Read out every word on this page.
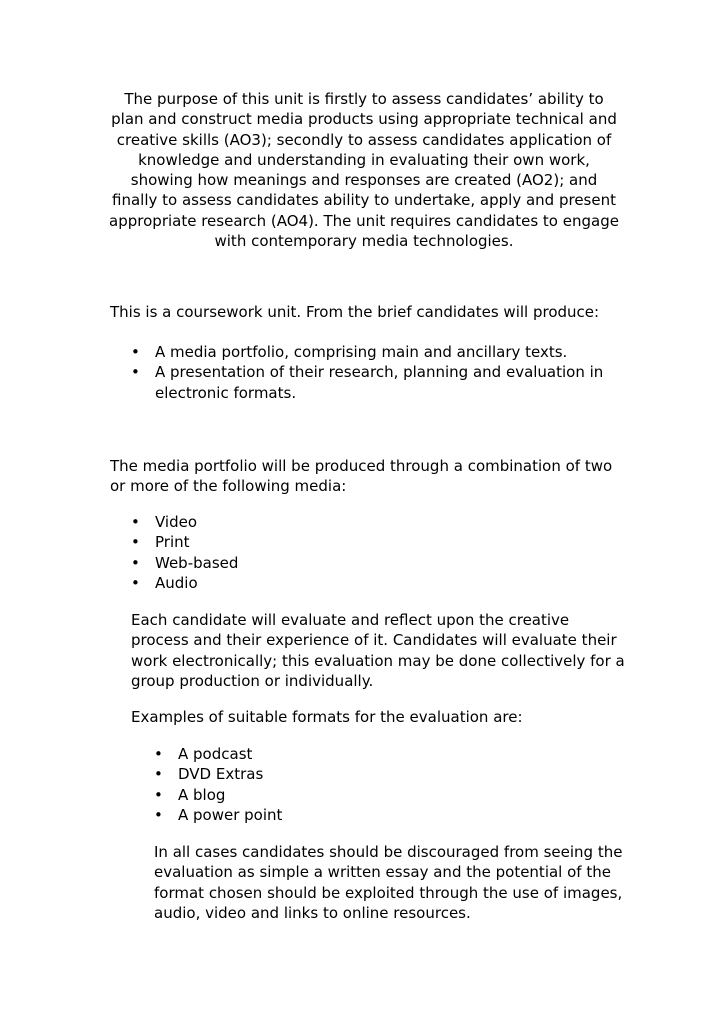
The purpose of this unit is firstly to assess candidates’ ability to plan and construct media products using appropriate technical and creative skills (AO3); secondly to assess candidates application of knowledge and understanding in evaluating their own work, showing how meanings and responses are created (AO2); and finally to assess candidates ability to undertake, apply and present appropriate research (AO4). The unit requires candidates to engage with contemporary media technologies.

This is a coursework unit. From the brief candidates will produce:

• A media portfolio, comprising main and ancillary texts.
• A presentation of their research, planning and evaluation in electronic formats.

The media portfolio will be produced through a combination of two or more of the following media:

• Video
• Print
• Web-based
• Audio

Each candidate will evaluate and reflect upon the creative process and their experience of it. Candidates will evaluate their work electronically; this evaluation may be done collectively for a group production or individually.

Examples of suitable formats for the evaluation are:

• A podcast
• DVD Extras
• A blog
• A power point

In all cases candidates should be discouraged from seeing the evaluation as simple a written essay and the potential of the format chosen should be exploited through the use of images, audio, video and links to online resources.
